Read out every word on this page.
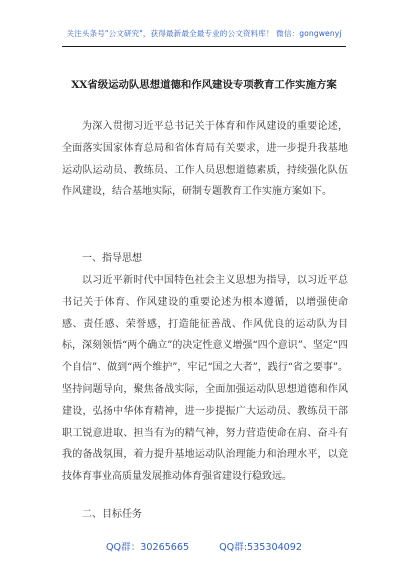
关注头条号"公文研究"，获得最新最全最专业的公文资料库！ 微信：gongwenyj
XX省级运动队思想道德和作风建设专项教育工作实施方案
为深入贯彻习近平总书记关于体育和作风建设的重要论述，全面落实国家体育总局和省体育局有关要求，进一步提升我基地运动队运动员、教练员、工作人员思想道德素质，持续强化队伍作风建设，结合基地实际，研制专题教育工作实施方案如下。
一、指导思想
以习近平新时代中国特色社会主义思想为指导，以习近平总书记关于体育、作风建设的重要论述为根本遵循，以增强使命感、责任感、荣誉感，打造能征善战、作风优良的运动队为目标，深刻领悟“两个确立”的决定性意义增强“四个意识”、坚定“四个自信”、做到“两个维护”，牢记“国之大者”，践行“省之要事”。坚持问题导向，聚焦备战实际，全面加强运动队思想道德和作风建设，弘扬中华体育精神，进一步提振广大运动员、教练员干部职工锐意进取、担当有为的精气神，努力营造使命在肩、奋斗有我的备战氛围，着力提升基地运动队治理能力和治理水平，以竞技体育事业高质量发展推动体育强省建设行稳致远。
二、目标任务
QQ群：30265665	QQ群:535304092
